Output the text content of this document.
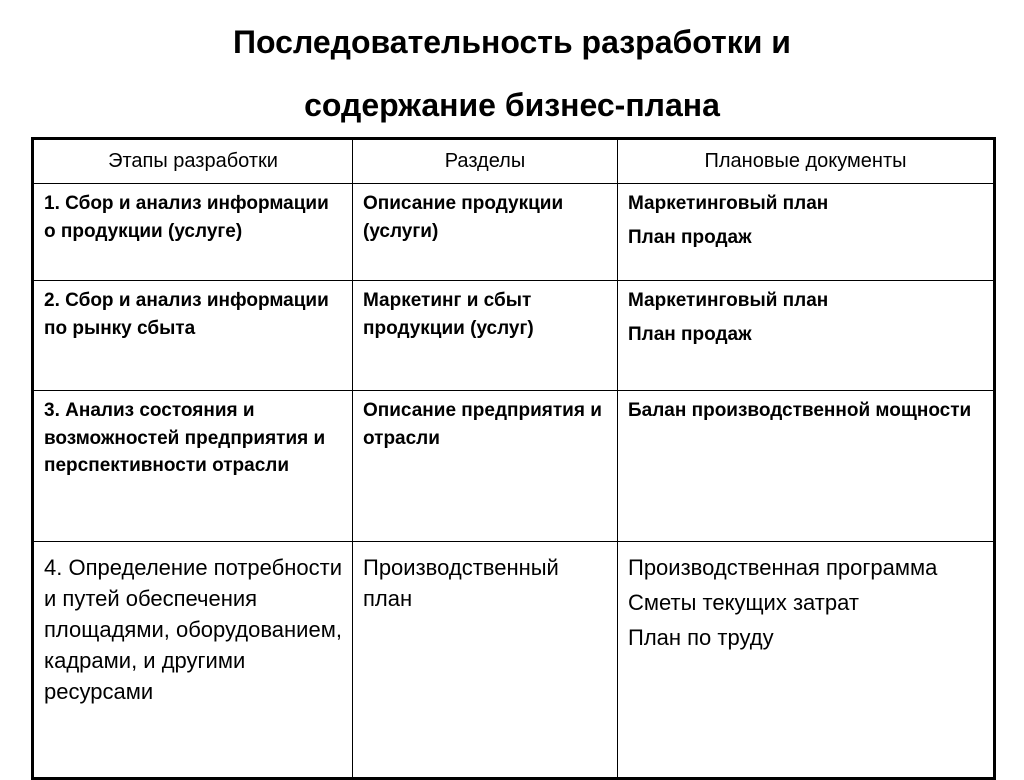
Последовательность разработки и
содержание бизнес-плана
Этапы разработки	Разделы	Плановые документы
1. Сбор и анализ информации о продукции (услуге)	Описание продукции (услуги)	Маркетинговый план
План продаж

2. Сбор и анализ информации по рынку сбыта	Маркетинг и сбыт продукции (услуг)	Маркетинговый план
План продаж

3. Анализ состояния и возможностей предприятия и перспективности отрасли	Описание предприятия и отрасли	Балан производственной мощности

4. Определение потребности и путей обеспечения площадями, оборудованием, кадрами, и другими ресурсами	Производственный план	Производственная программа
Сметы текущих затрат
План по труду
